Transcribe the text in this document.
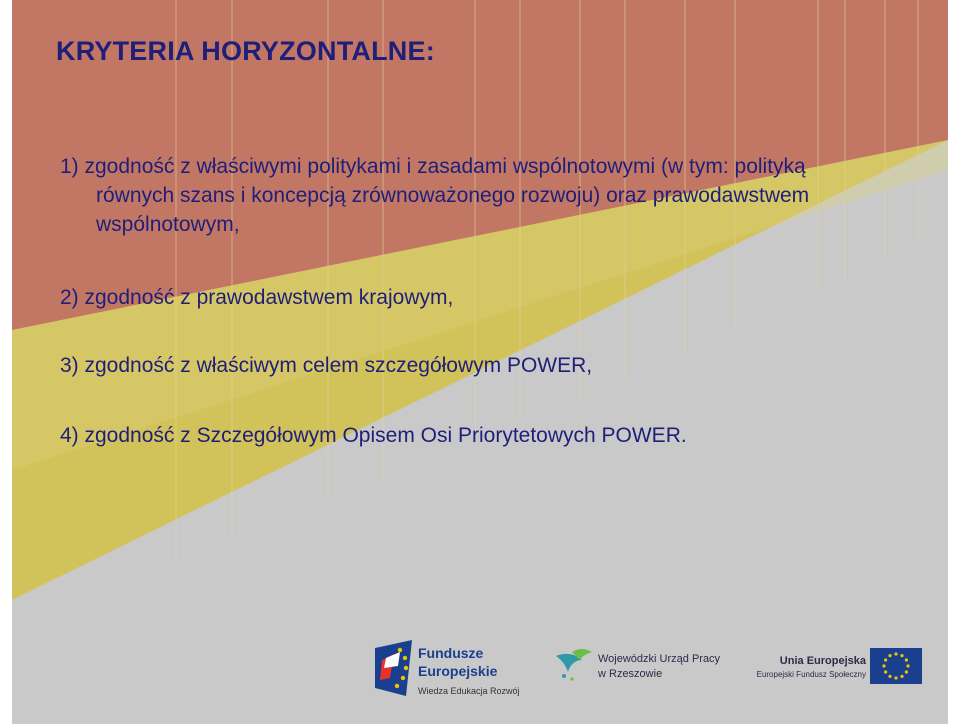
KRYTERIA HORYZONTALNE:
1) zgodność z właściwymi politykami i zasadami wspólnotowymi (w tym: polityką
równych szans i koncepcją zrównoważonego rozwoju) oraz prawodawstwem
wspólnotowym,
2) zgodność z prawodawstwem krajowym,
3) zgodność z właściwym celem szczegółowym POWER,
4) zgodność z Szczegółowym Opisem Osi Priorytetowych POWER.
Fundusze
Europejskie
Wiedza Edukacja Rozwój
Wojewódzki Urząd Pracy
w Rzeszowie
Unia Europejska
Europejski Fundusz Społeczny
